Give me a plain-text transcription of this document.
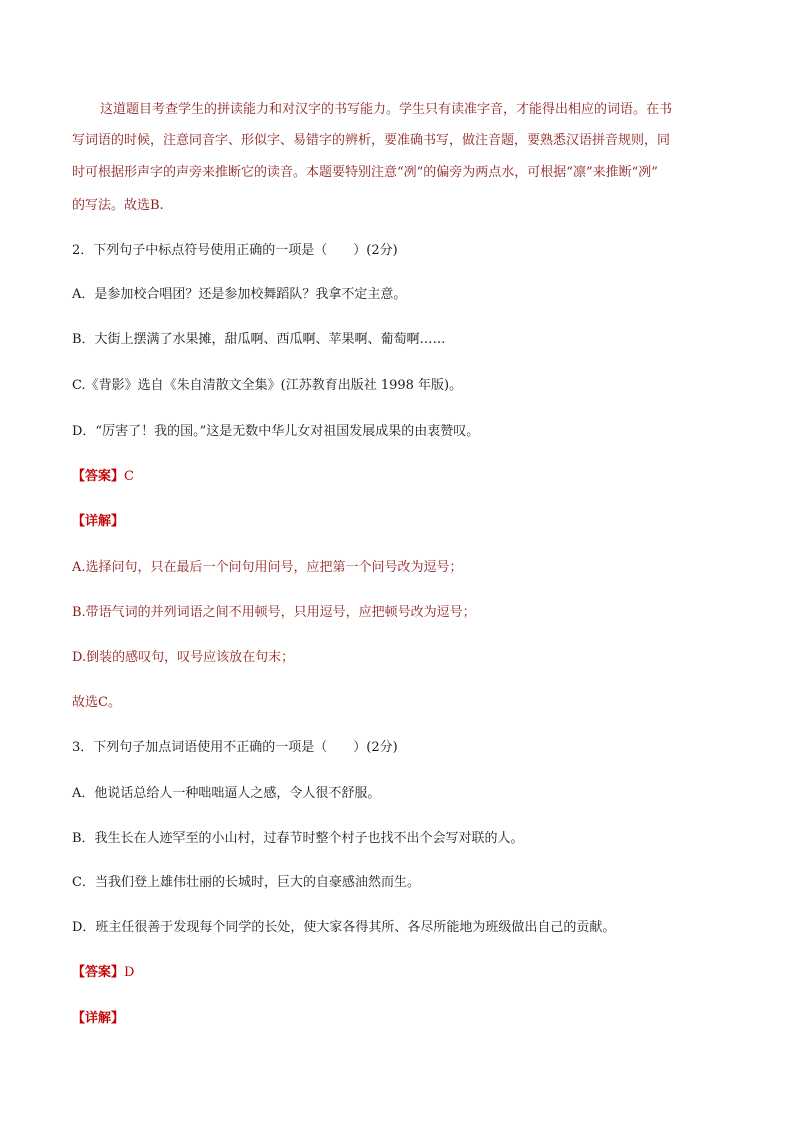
这道题目考查学生的拼读能力和对汉字的书写能力。学生只有读准字音，才能得出相应的词语。在书
写词语的时候，注意同音字、形似字、易错字的辨析，要准确书写，做注音题，要熟悉汉语拼音规则，同
时可根据形声字的声旁来推断它的读音。本题要特别注意“冽”的偏旁为两点水，可根据“凛”来推断“冽”
的写法。故选B.
2．下列句子中标点符号使用正确的一项是（　　）(2分)
A．是参加校合唱团？还是参加校舞蹈队？我拿不定主意。
B．大街上摆满了水果摊，甜瓜啊、西瓜啊、苹果啊、葡萄啊……
C.《背影》选自《朱自清散文全集》(江苏教育出版社 1998 年版)。
D．“厉害了！我的国。”这是无数中华儿女对祖国发展成果的由衷赞叹。
【答案】C
【详解】
A.选择问句，只在最后一个问句用问号，应把第一个问号改为逗号；
B.带语气词的并列词语之间不用顿号，只用逗号，应把顿号改为逗号；
D.倒装的感叹句，叹号应该放在句末；
故选C。
3．下列句子加点词语使用不正确的一项是（　　）(2分)
A．他说话总给人一种咄咄逼人之感，令人很不舒服。
B．我生长在人迹罕至的小山村，过春节时整个村子也找不出个会写对联的人。
C．当我们登上雄伟壮丽的长城时，巨大的自豪感油然而生。
D．班主任很善于发现每个同学的长处，使大家各得其所、各尽所能地为班级做出自己的贡献。
【答案】D
【详解】
